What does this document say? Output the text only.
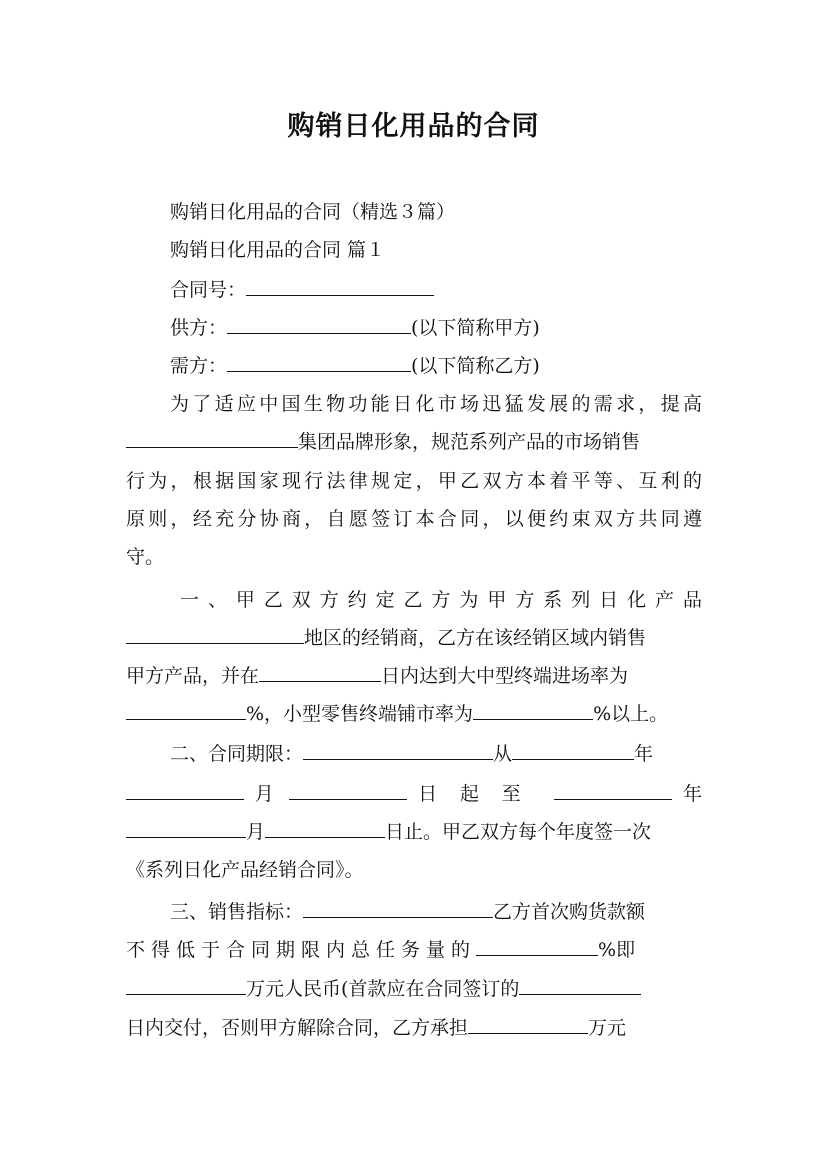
购销日化用品的合同
购销日化用品的合同（精选３篇）
购销日化用品的合同 篇１
合同号：
供方：	(以下简称甲方)
需方：	(以下简称乙方)
为了适应中国生物功能日化市场迅猛发展的需求，提高
集团品牌形象，规范系列产品的市场销售
行为，根据国家现行法律规定，甲乙双方本着平等、互利的
原则，经充分协商，自愿签订本合同，以便约束双方共同遵
守。
一、甲乙双方约定乙方为甲方系列日化产品
地区的经销商，乙方在该经销区域内销售
甲方产品，并在	日内达到大中型终端进场率为
%，小型零售终端铺市率为	%以上。
二、合同期限：	从	年
月	日起至	年
月	日止。甲乙双方每个年度签一次
《系列日化产品经销合同》。
三、销售指标：	乙方首次购货款额
不得低于合同期限内总任务量的	%即
万元人民币(首款应在合同签订的
日内交付，否则甲方解除合同，乙方承担	万元
